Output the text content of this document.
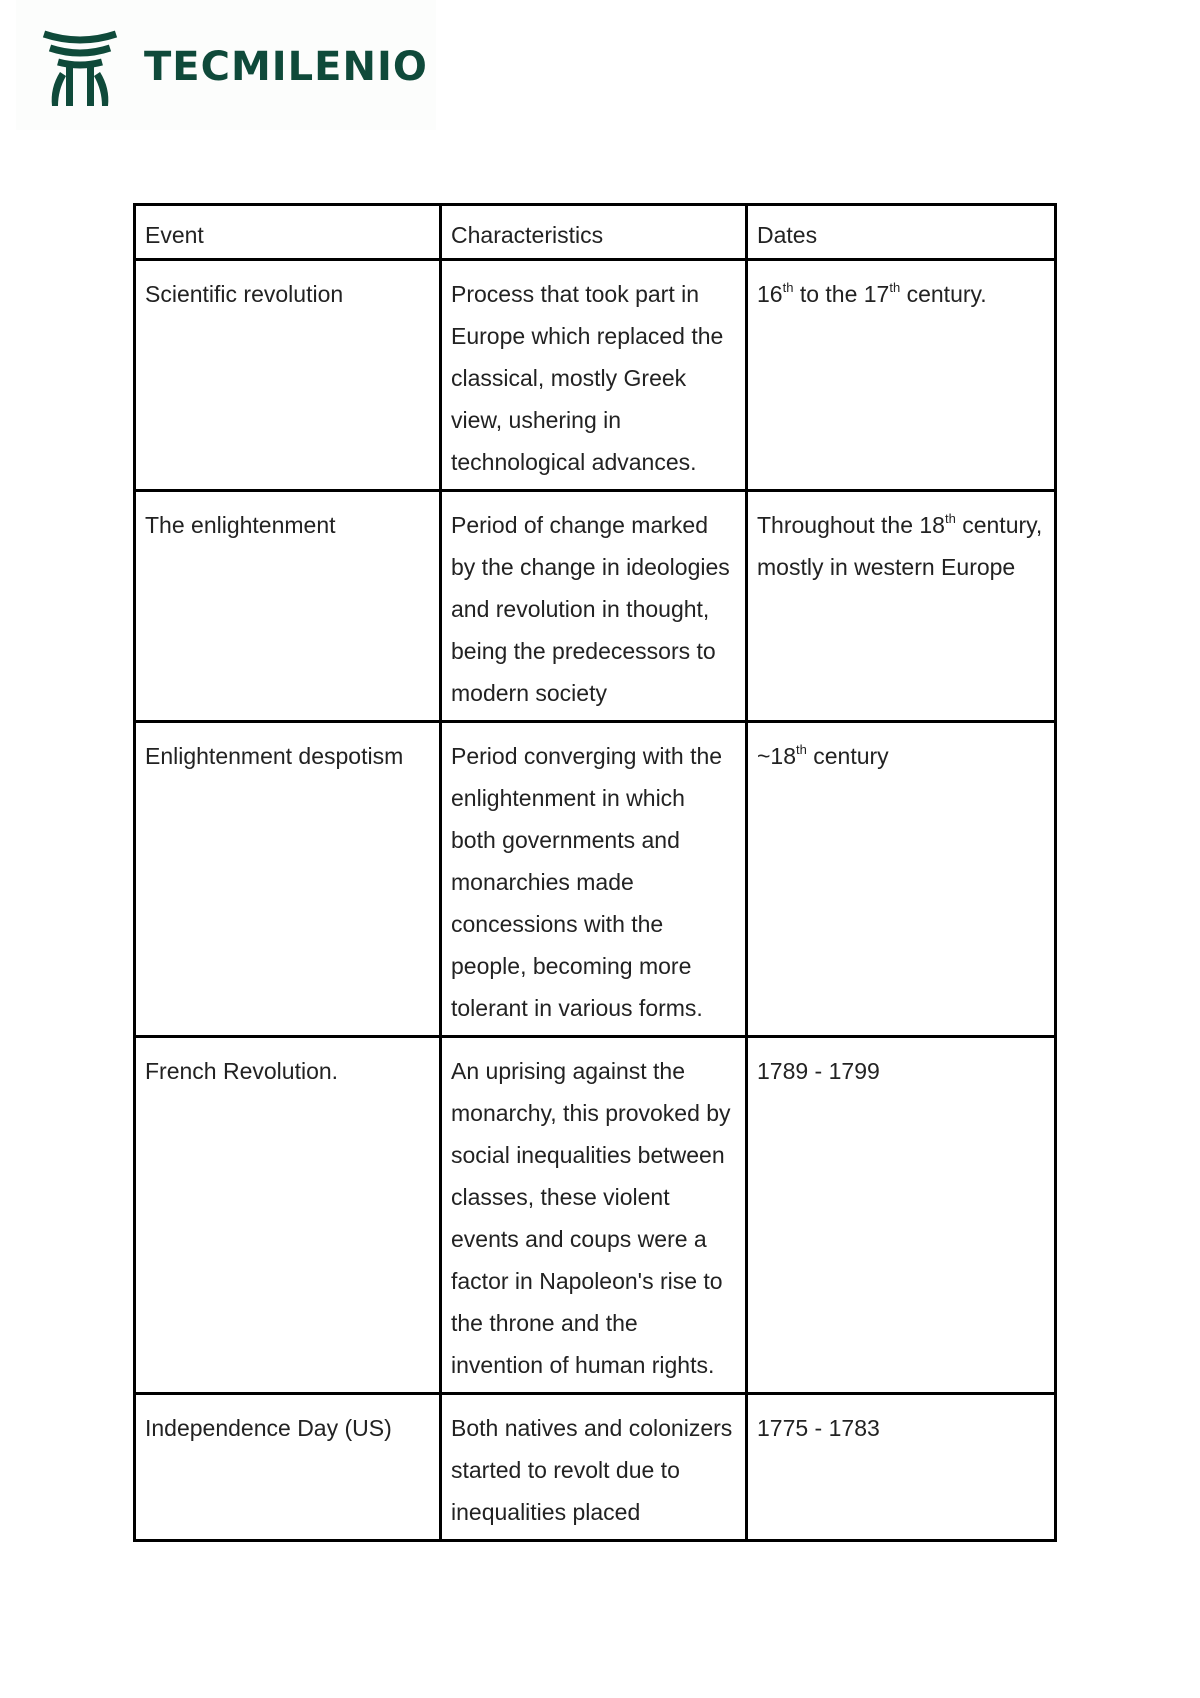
TECMILENIO
Event	Characteristics	Dates
Scientific revolution	Process that took part in Europe which replaced the classical, mostly Greek view, ushering in technological advances.	16th to the 17th century.
The enlightenment	Period of change marked by the change in ideologies and revolution in thought, being the predecessors to modern society	Throughout the 18th century, mostly in western Europe
Enlightenment despotism	Period converging with the enlightenment in which both governments and monarchies made concessions with the people, becoming more tolerant in various forms.	~18th century
French Revolution.	An uprising against the monarchy, this provoked by social inequalities between classes, these violent events and coups were a factor in Napoleon's rise to the throne and the invention of human rights.	1789 - 1799
Independence Day (US)	Both natives and colonizers started to revolt due to inequalities placed	1775 - 1783
